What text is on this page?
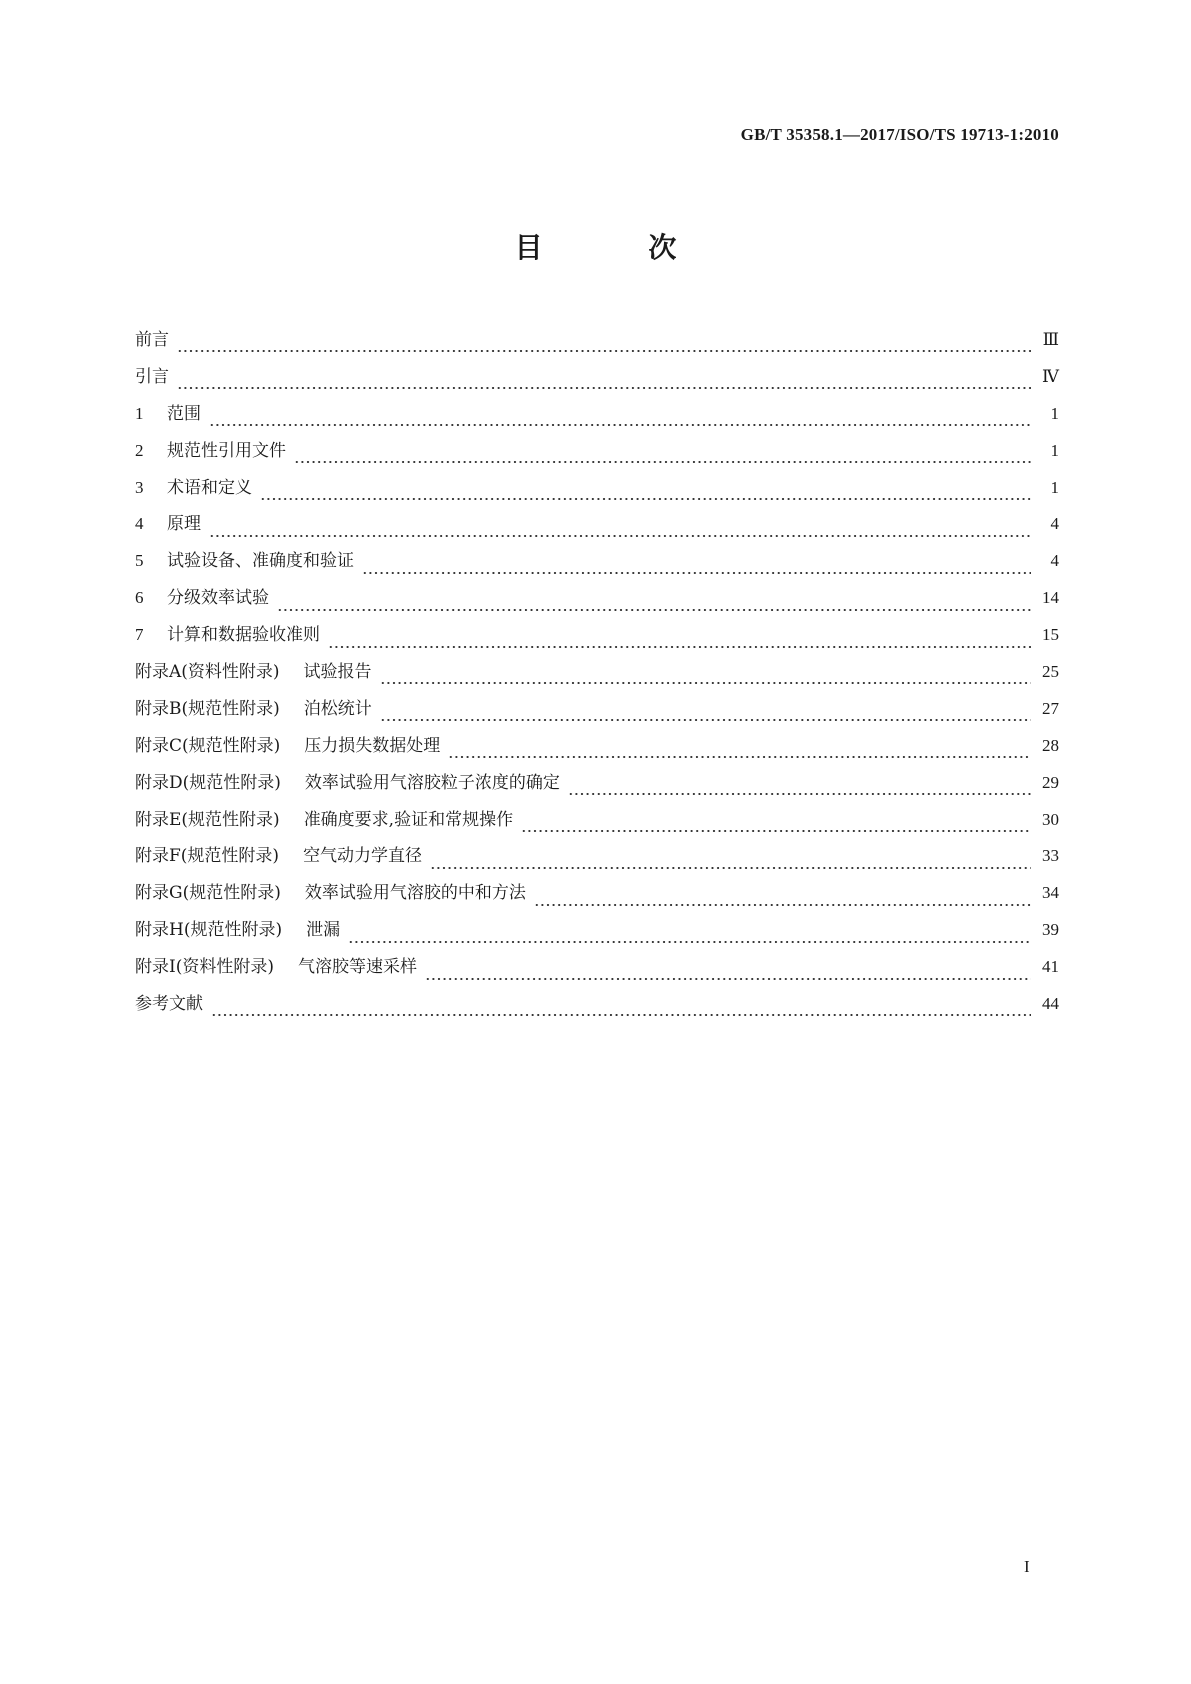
GB/T 35358.1—2017/ISO/TS 19713-1:2010
目 次
前言	Ⅲ
引言	Ⅳ
1	范围	1
2	规范性引用文件	1
3	术语和定义	1
4	原理	4
5	试验设备、准确度和验证	4
6	分级效率试验	14
7	计算和数据验收准则	15
附录A(资料性附录) 试验报告	25
附录B(规范性附录) 泊松统计	27
附录C(规范性附录) 压力损失数据处理	28
附录D(规范性附录) 效率试验用气溶胶粒子浓度的确定	29
附录E(规范性附录) 准确度要求,验证和常规操作	30
附录F(规范性附录) 空气动力学直径	33
附录G(规范性附录) 效率试验用气溶胶的中和方法	34
附录H(规范性附录) 泄漏	39
附录I(资料性附录) 气溶胶等速采样	41
参考文献	44
I
